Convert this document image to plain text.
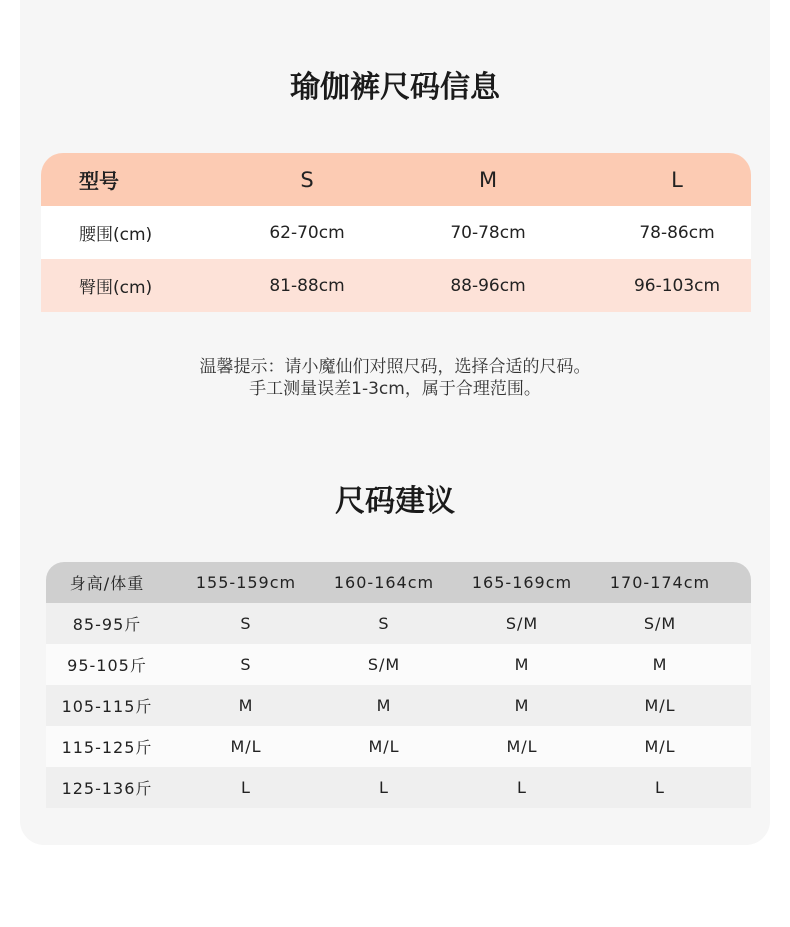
瑜伽裤尺码信息
型号	S	M	L
腰围(cm)	62-70cm	70-78cm	78-86cm
臀围(cm)	81-88cm	88-96cm	96-103cm
温馨提示：请小魔仙们对照尺码，选择合适的尺码。
手工测量误差1-3cm，属于合理范围。
尺码建议
身高/体重	155-159cm	160-164cm	165-169cm	170-174cm
85-95斤	S	S	S/M	S/M
95-105斤	S	S/M	M	M
105-115斤	M	M	M	M/L
115-125斤	M/L	M/L	M/L	M/L
125-136斤	L	L	L	L
